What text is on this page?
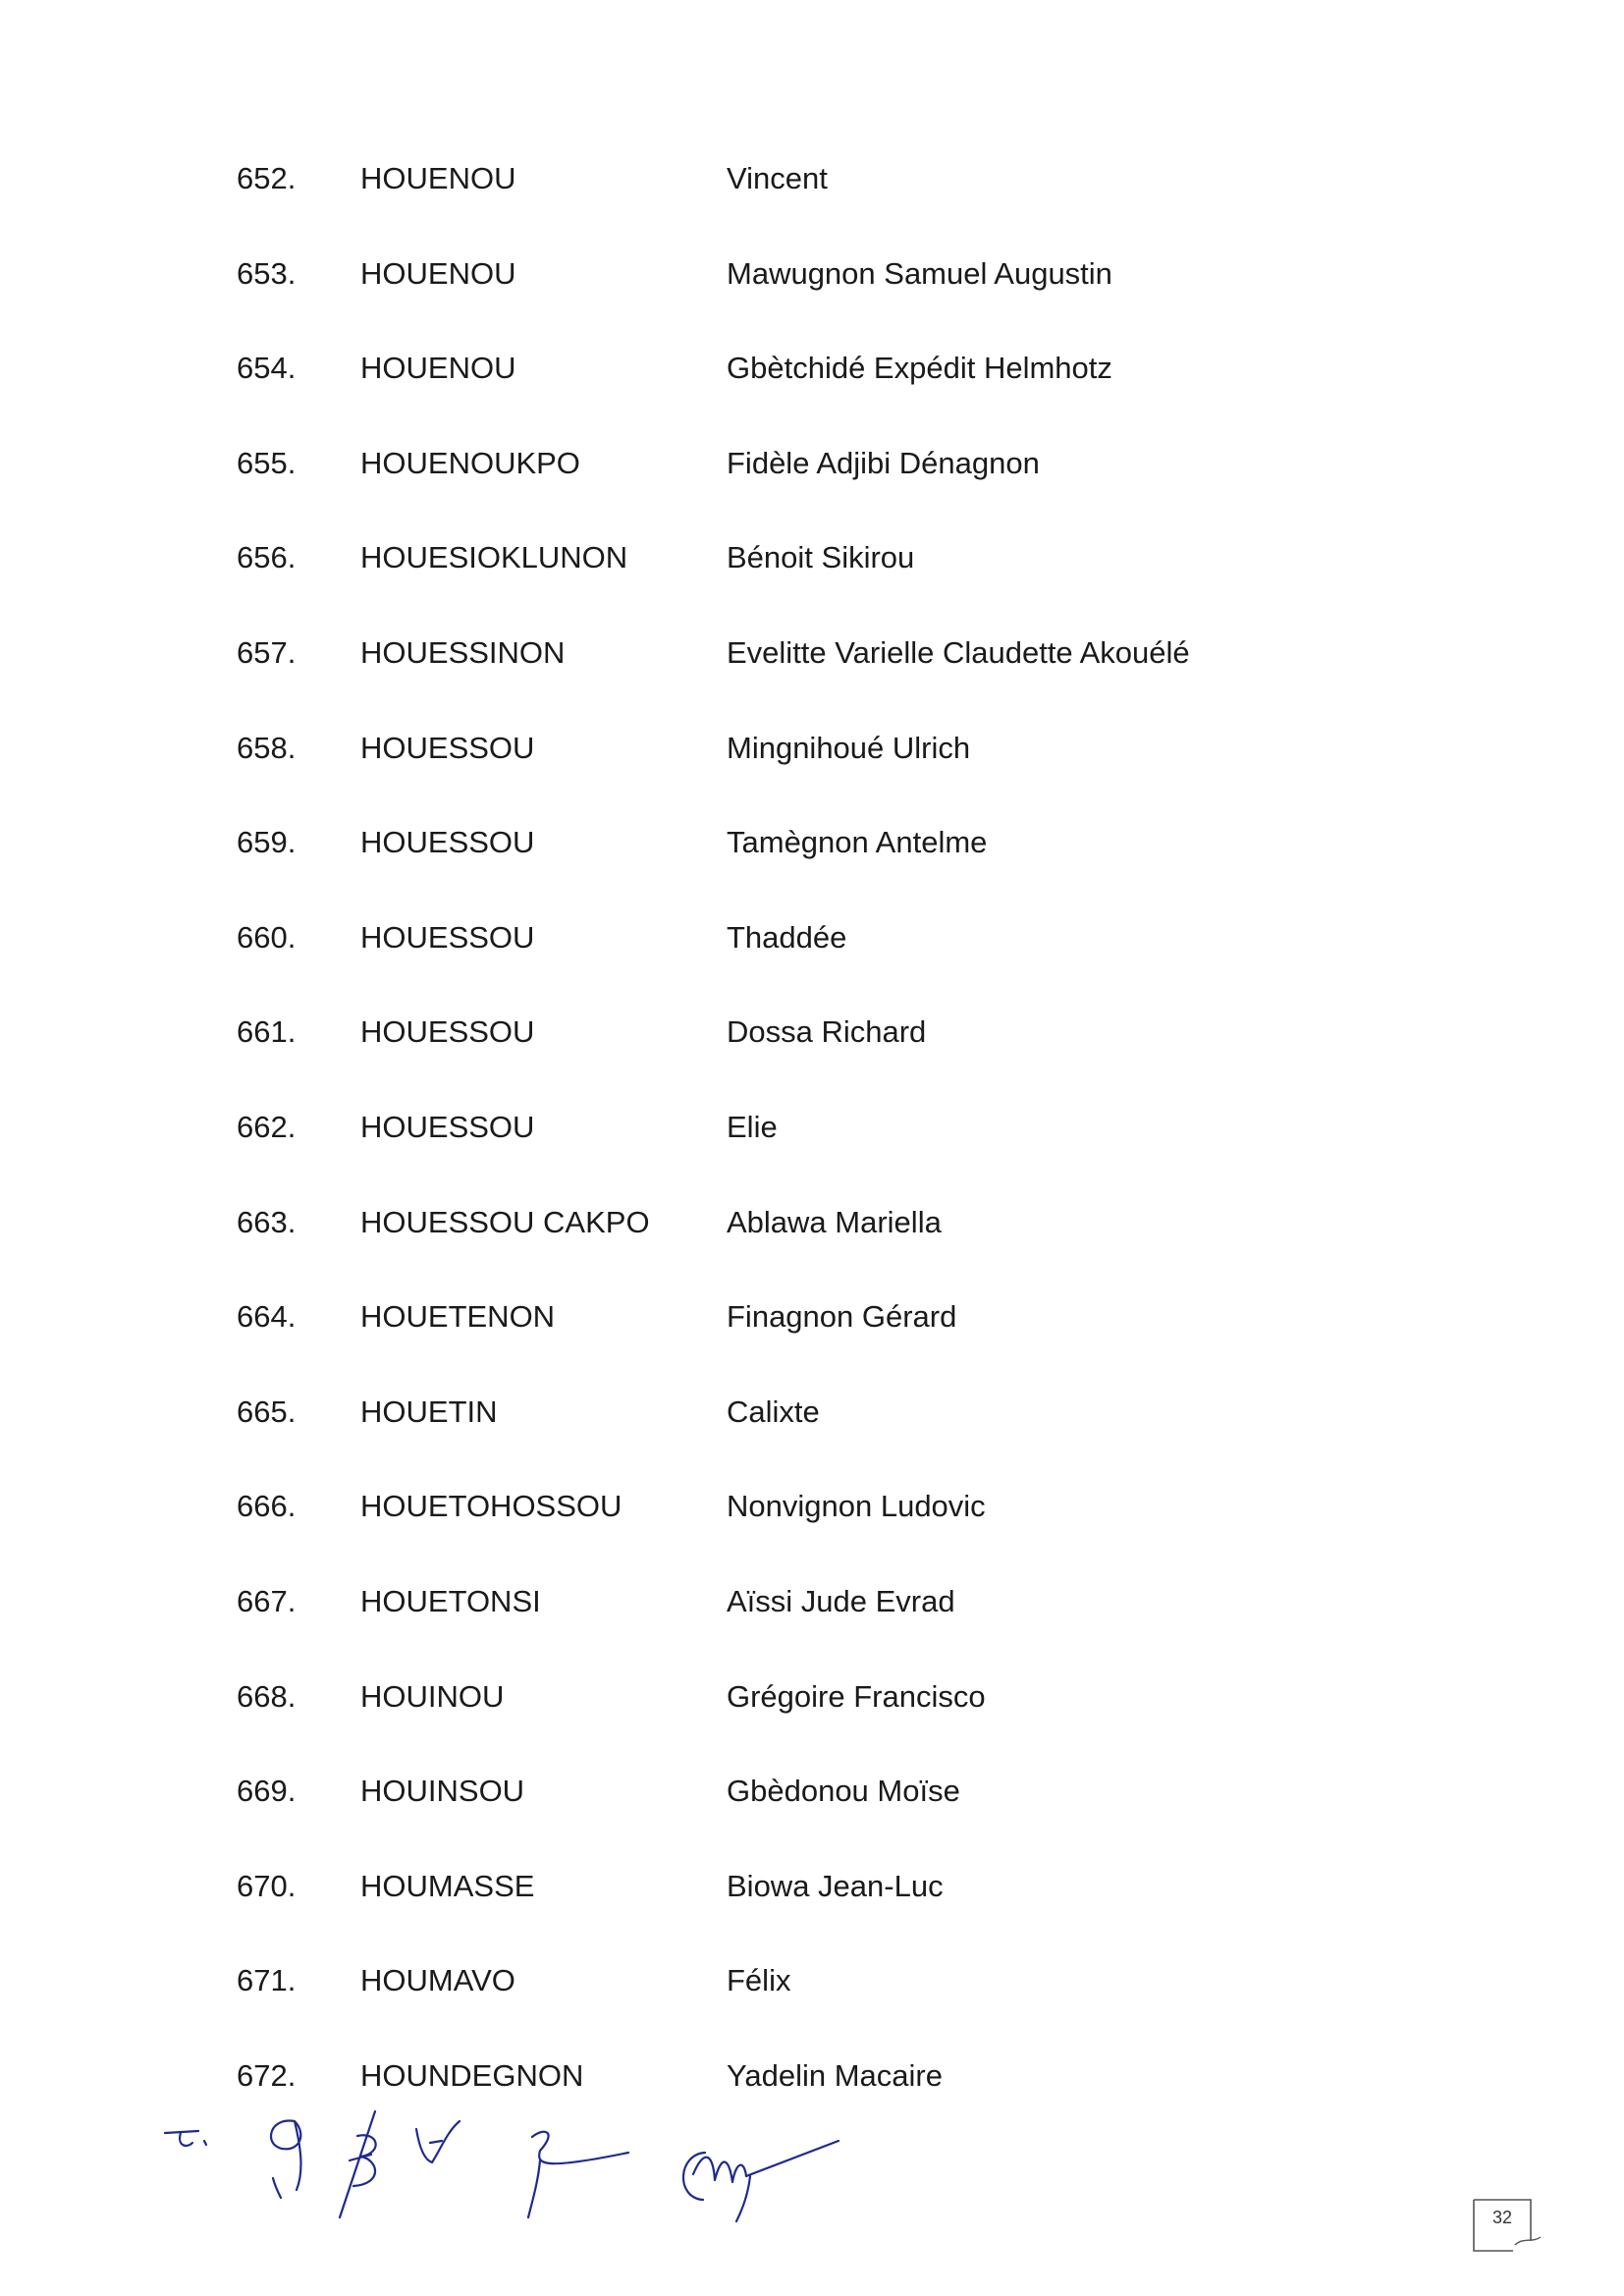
652. HOUENOU	Vincent
653. HOUENOU	Mawugnon Samuel Augustin
654. HOUENOU	Gbètchidé Expédit Helmhotz
655. HOUENOUKPO	Fidèle Adjibi Dénagnon
656. HOUESIOKLUNON	Bénoit Sikirou
657. HOUESSINON	Evelitte Varielle Claudette Akouélé
658. HOUESSOU	Mingnihoué Ulrich
659. HOUESSOU	Tamègnon Antelme
660. HOUESSOU	Thaddée
661. HOUESSOU	Dossa Richard
662. HOUESSOU	Elie
663. HOUESSOU CAKPO	Ablawa Mariella
664. HOUETENON	Finagnon Gérard
665. HOUETIN	Calixte
666. HOUETOHOSSOU	Nonvignon Ludovic
667. HOUETONSI	Aïssi Jude Evrad
668. HOUINOU	Grégoire Francisco
669. HOUINSOU	Gbèdonou Moïse
670. HOUMASSE	Biowa Jean-Luc
671. HOUMAVO	Félix
672. HOUNDEGNON	Yadelin Macaire
32
